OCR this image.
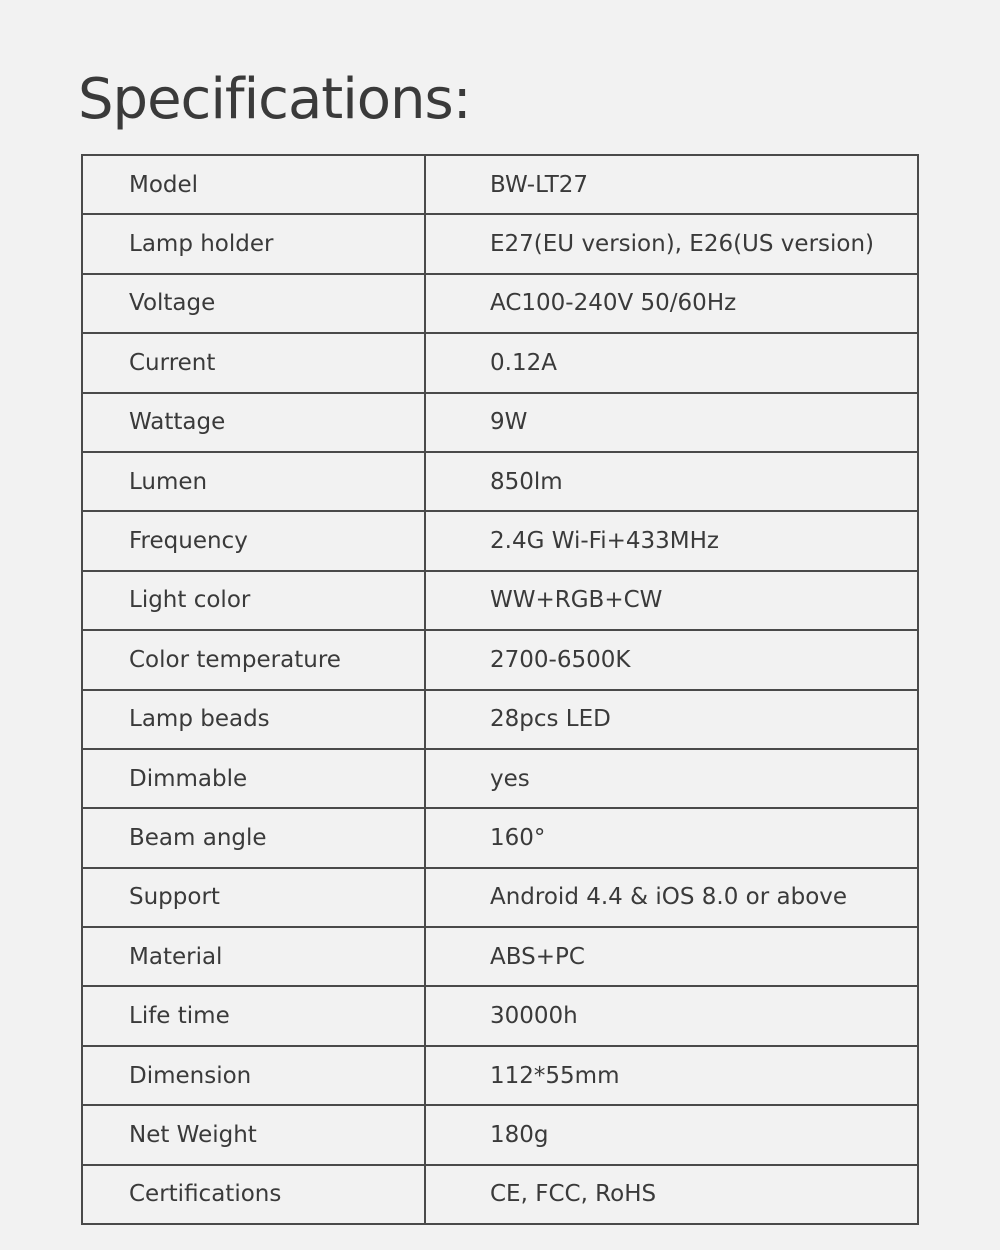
Specifications:
Model	BW-LT27
Lamp holder	E27(EU version), E26(US version)
Voltage	AC100-240V 50/60Hz
Current	0.12A
Wattage	9W
Lumen	850lm
Frequency	2.4G Wi-Fi+433MHz
Light color	WW+RGB+CW
Color temperature	2700-6500K
Lamp beads	28pcs LED
Dimmable	yes
Beam angle	160°
Support	Android 4.4 & iOS 8.0 or above
Material	ABS+PC
Life time	30000h
Dimension	112*55mm
Net Weight	180g
Certifications	CE, FCC, RoHS
